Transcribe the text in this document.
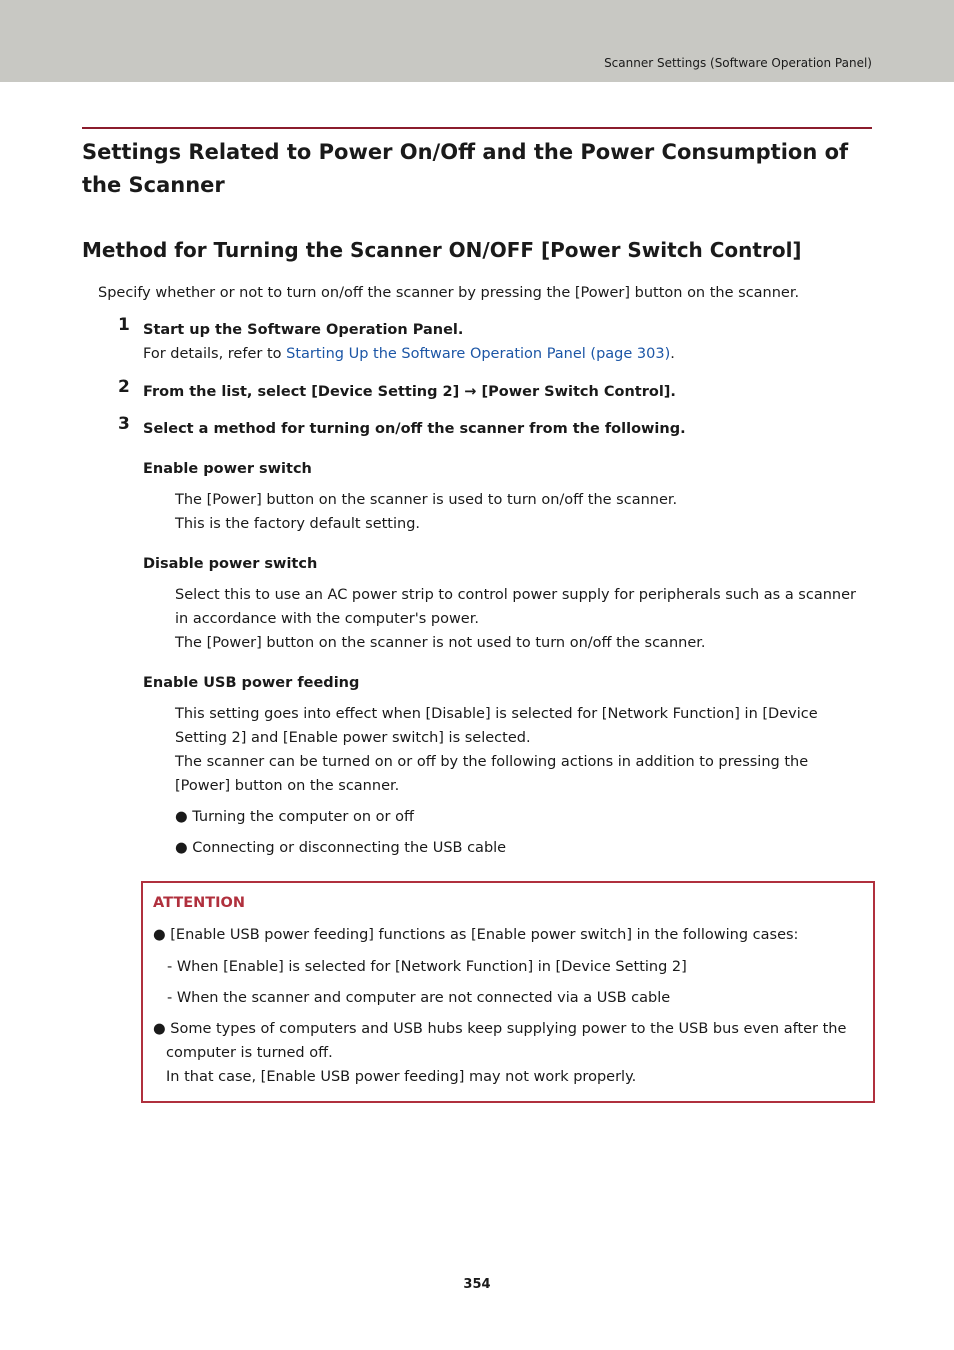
Scanner Settings (Software Operation Panel)
Settings Related to Power On/Off and the Power Consumption of the Scanner
Method for Turning the Scanner ON/OFF [Power Switch Control]
Specify whether or not to turn on/off the scanner by pressing the [Power] button on the scanner.
1 Start up the Software Operation Panel.
For details, refer to Starting Up the Software Operation Panel (page 303).
2 From the list, select [Device Setting 2] → [Power Switch Control].
3 Select a method for turning on/off the scanner from the following.
Enable power switch
The [Power] button on the scanner is used to turn on/off the scanner.
This is the factory default setting.
Disable power switch
Select this to use an AC power strip to control power supply for peripherals such as a scanner
in accordance with the computer's power.
The [Power] button on the scanner is not used to turn on/off the scanner.
Enable USB power feeding
This setting goes into effect when [Disable] is selected for [Network Function] in [Device
Setting 2] and [Enable power switch] is selected.
The scanner can be turned on or off by the following actions in addition to pressing the
[Power] button on the scanner.
● Turning the computer on or off
● Connecting or disconnecting the USB cable
ATTENTION
● [Enable USB power feeding] functions as [Enable power switch] in the following cases:
- When [Enable] is selected for [Network Function] in [Device Setting 2]
- When the scanner and computer are not connected via a USB cable
● Some types of computers and USB hubs keep supplying power to the USB bus even after the
computer is turned off.
In that case, [Enable USB power feeding] may not work properly.
354
